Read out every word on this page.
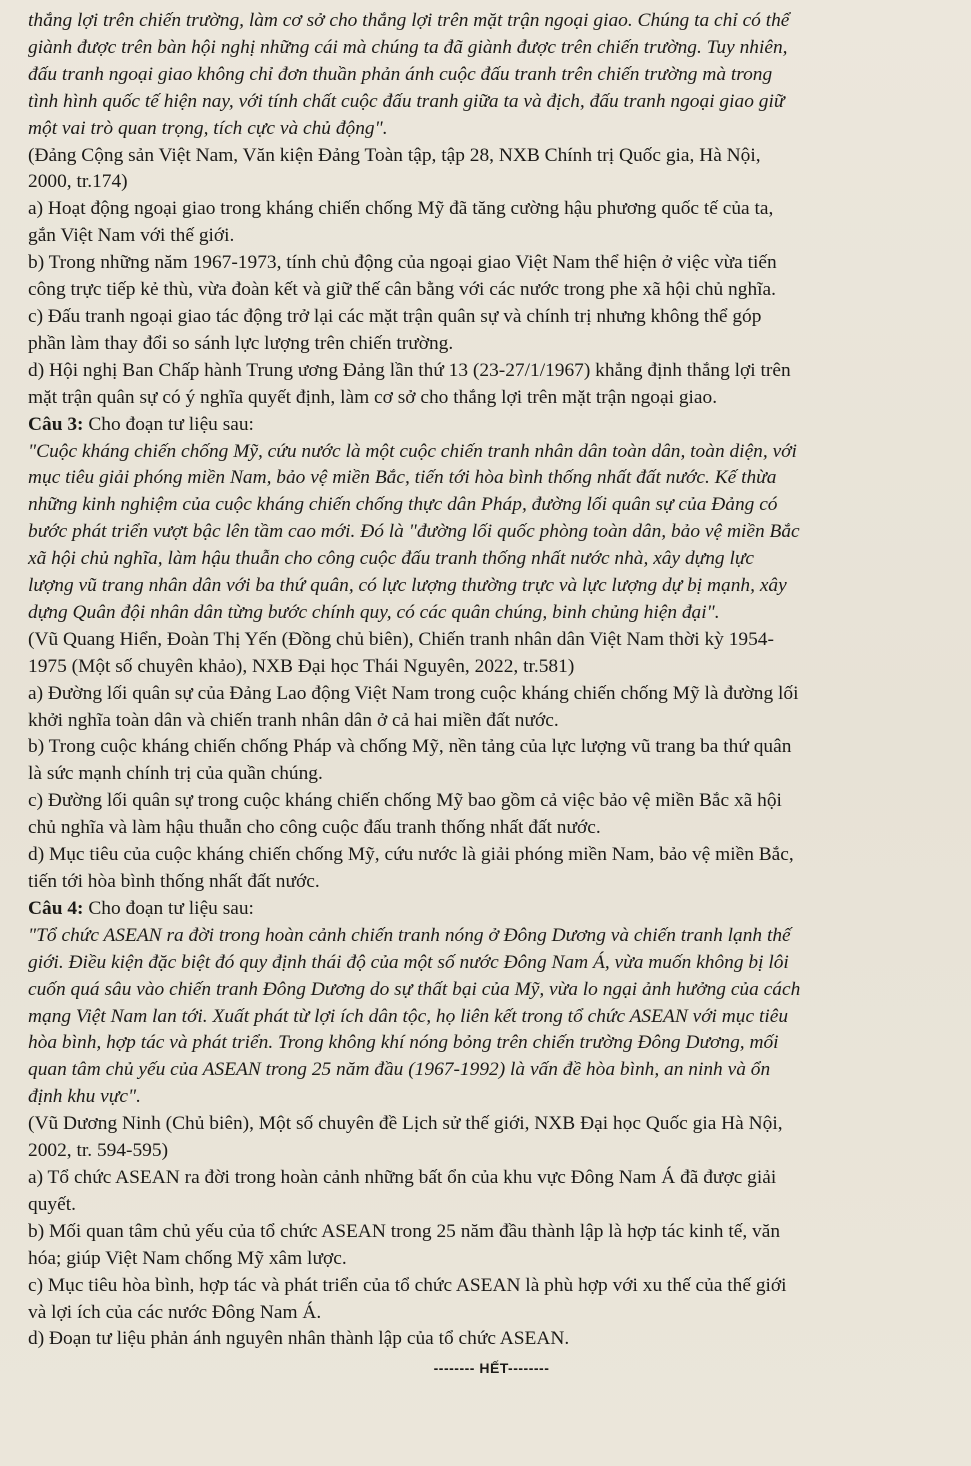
thắng lợi trên chiến trường, làm cơ sở cho thắng lợi trên mặt trận ngoại giao. Chúng ta chỉ có thể
giành được trên bàn hội nghị những cái mà chúng ta đã giành được trên chiến trường. Tuy nhiên,
đấu tranh ngoại giao không chỉ đơn thuần phản ánh cuộc đấu tranh trên chiến trường mà trong
tình hình quốc tế hiện nay, với tính chất cuộc đấu tranh giữa ta và địch, đấu tranh ngoại giao giữ
một vai trò quan trọng, tích cực và chủ động".
(Đảng Cộng sản Việt Nam, Văn kiện Đảng Toàn tập, tập 28, NXB Chính trị Quốc gia, Hà Nội,
2000, tr.174)
a) Hoạt động ngoại giao trong kháng chiến chống Mỹ đã tăng cường hậu phương quốc tế của ta,
gắn Việt Nam với thế giới.
b) Trong những năm 1967-1973, tính chủ động của ngoại giao Việt Nam thể hiện ở việc vừa tiến
công trực tiếp kẻ thù, vừa đoàn kết và giữ thế cân bằng với các nước trong phe xã hội chủ nghĩa.
c) Đấu tranh ngoại giao tác động trở lại các mặt trận quân sự và chính trị nhưng không thể góp
phần làm thay đổi so sánh lực lượng trên chiến trường.
d) Hội nghị Ban Chấp hành Trung ương Đảng lần thứ 13 (23-27/1/1967) khẳng định thắng lợi trên
mặt trận quân sự có ý nghĩa quyết định, làm cơ sở cho thắng lợi trên mặt trận ngoại giao.
Câu 3: Cho đoạn tư liệu sau:
"Cuộc kháng chiến chống Mỹ, cứu nước là một cuộc chiến tranh nhân dân toàn dân, toàn diện, với
mục tiêu giải phóng miền Nam, bảo vệ miền Bắc, tiến tới hòa bình thống nhất đất nước. Kế thừa
những kinh nghiệm của cuộc kháng chiến chống thực dân Pháp, đường lối quân sự của Đảng có
bước phát triển vượt bậc lên tầm cao mới. Đó là "đường lối quốc phòng toàn dân, bảo vệ miền Bắc
xã hội chủ nghĩa, làm hậu thuẫn cho công cuộc đấu tranh thống nhất nước nhà, xây dựng lực
lượng vũ trang nhân dân với ba thứ quân, có lực lượng thường trực và lực lượng dự bị mạnh, xây
dựng Quân đội nhân dân từng bước chính quy, có các quân chúng, binh chủng hiện đại".
(Vũ Quang Hiển, Đoàn Thị Yến (Đồng chủ biên), Chiến tranh nhân dân Việt Nam thời kỳ 1954-
1975 (Một số chuyên khảo), NXB Đại học Thái Nguyên, 2022, tr.581)
a) Đường lối quân sự của Đảng Lao động Việt Nam trong cuộc kháng chiến chống Mỹ là đường lối
khởi nghĩa toàn dân và chiến tranh nhân dân ở cả hai miền đất nước.
b) Trong cuộc kháng chiến chống Pháp và chống Mỹ, nền tảng của lực lượng vũ trang ba thứ quân
là sức mạnh chính trị của quần chúng.
c) Đường lối quân sự trong cuộc kháng chiến chống Mỹ bao gồm cả việc bảo vệ miền Bắc xã hội
chủ nghĩa và làm hậu thuẫn cho công cuộc đấu tranh thống nhất đất nước.
d) Mục tiêu của cuộc kháng chiến chống Mỹ, cứu nước là giải phóng miền Nam, bảo vệ miền Bắc,
tiến tới hòa bình thống nhất đất nước.
Câu 4: Cho đoạn tư liệu sau:
"Tổ chức ASEAN ra đời trong hoàn cảnh chiến tranh nóng ở Đông Dương và chiến tranh lạnh thế
giới. Điều kiện đặc biệt đó quy định thái độ của một số nước Đông Nam Á, vừa muốn không bị lôi
cuốn quá sâu vào chiến tranh Đông Dương do sự thất bại của Mỹ, vừa lo ngại ảnh hưởng của cách
mạng Việt Nam lan tới. Xuất phát từ lợi ích dân tộc, họ liên kết trong tổ chức ASEAN với mục tiêu
hòa bình, hợp tác và phát triển. Trong không khí nóng bỏng trên chiến trường Đông Dương, mối
quan tâm chủ yếu của ASEAN trong 25 năm đầu (1967-1992) là vấn đề hòa bình, an ninh và ổn
định khu vực".
(Vũ Dương Ninh (Chủ biên), Một số chuyên đề Lịch sử thế giới, NXB Đại học Quốc gia Hà Nội,
2002, tr. 594-595)
a) Tổ chức ASEAN ra đời trong hoàn cảnh những bất ổn của khu vực Đông Nam Á đã được giải
quyết.
b) Mối quan tâm chủ yếu của tổ chức ASEAN trong 25 năm đầu thành lập là hợp tác kinh tế, văn
hóa; giúp Việt Nam chống Mỹ xâm lược.
c) Mục tiêu hòa bình, hợp tác và phát triển của tổ chức ASEAN là phù hợp với xu thế của thế giới
và lợi ích của các nước Đông Nam Á.
d) Đoạn tư liệu phản ánh nguyên nhân thành lập của tổ chức ASEAN.
-------- HẾT--------
